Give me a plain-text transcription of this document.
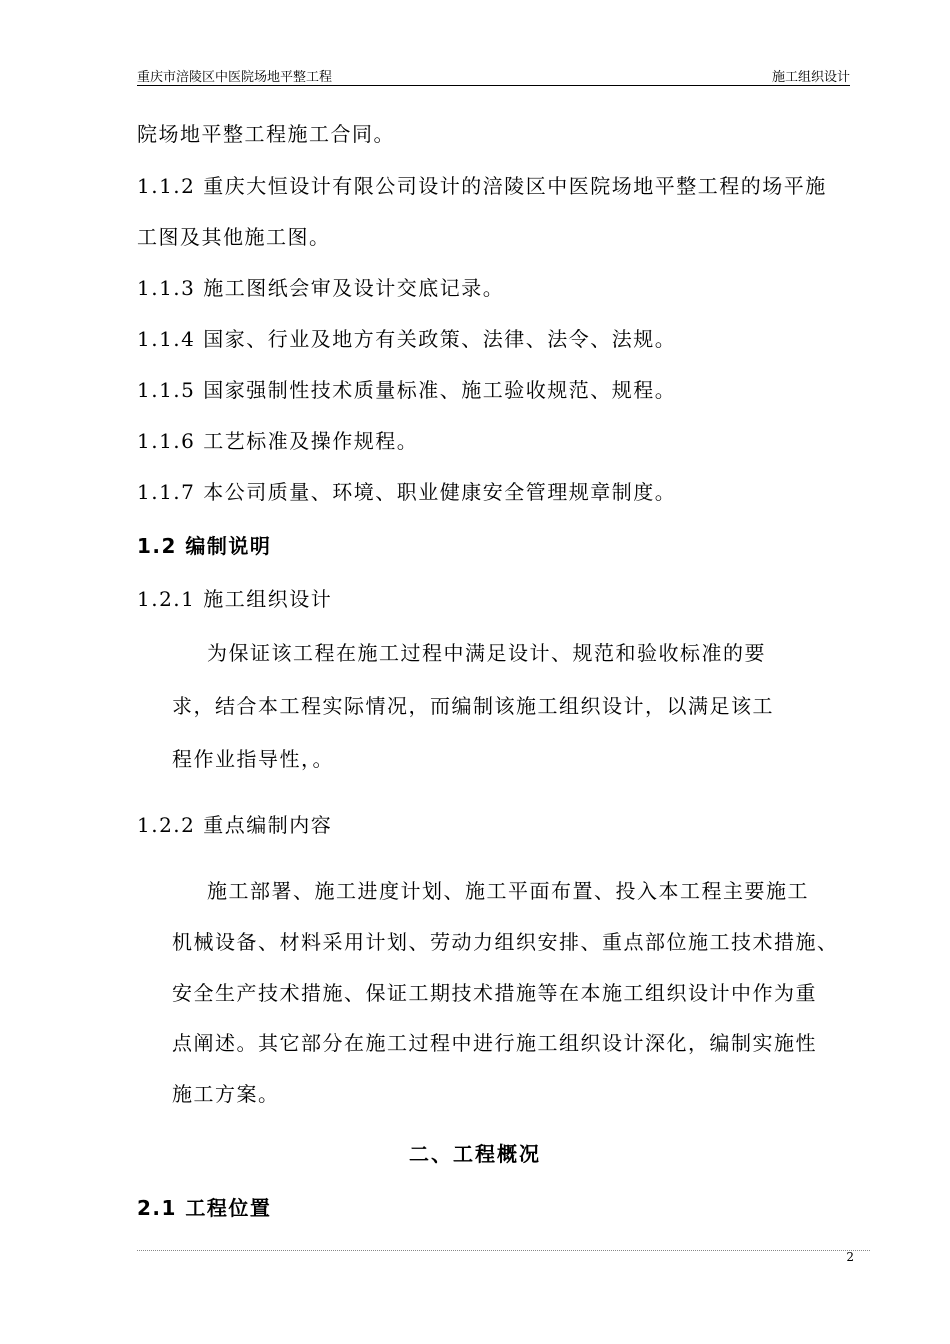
重庆市涪陵区中医院场地平整工程	施工组织设计
院场地平整工程施工合同。
1.1.2 重庆大恒设计有限公司设计的涪陵区中医院场地平整工程的场平施
工图及其他施工图。
1.1.3 施工图纸会审及设计交底记录。
1.1.4 国家、行业及地方有关政策、法律、法令、法规。
1.1.5 国家强制性技术质量标准、施工验收规范、规程。
1.1.6 工艺标准及操作规程。
1.1.7 本公司质量、环境、职业健康安全管理规章制度。
1.2 编制说明
1.2.1 施工组织设计
为保证该工程在施工过程中满足设计、规范和验收标准的要
求，结合本工程实际情况，而编制该施工组织设计，以满足该工
程作业指导性，。
1.2.2 重点编制内容
施工部署、施工进度计划、施工平面布置、投入本工程主要施工
机械设备、材料采用计划、劳动力组织安排、重点部位施工技术措施、
安全生产技术措施、保证工期技术措施等在本施工组织设计中作为重
点阐述。其它部分在施工过程中进行施工组织设计深化，编制实施性
施工方案。
二、工程概况
2.1 工程位置
2
